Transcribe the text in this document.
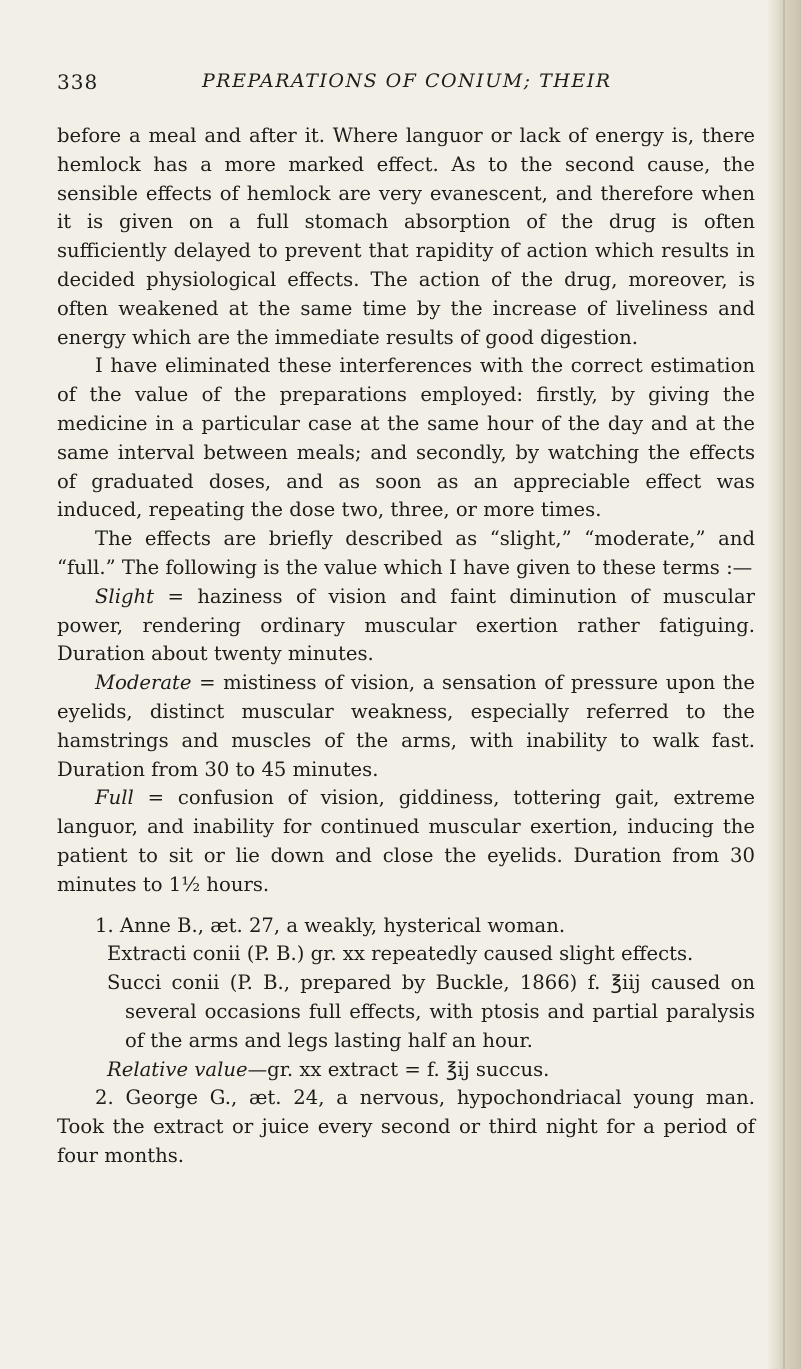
338	PREPARATIONS OF CONIUM; THEIR

before a meal and after it. Where languor or lack of energy is, there hemlock has a more marked effect. As to the second cause, the sensible effects of hemlock are very evanescent, and therefore when it is given on a full stomach absorption of the drug is often sufficiently delayed to prevent that rapidity of action which results in decided physiological effects. The action of the drug, moreover, is often weakened at the same time by the increase of liveliness and energy which are the immediate results of good digestion.

I have eliminated these interferences with the correct estimation of the value of the preparations employed: firstly, by giving the medicine in a particular case at the same hour of the day and at the same interval between meals; and secondly, by watching the effects of graduated doses, and as soon as an appreciable effect was induced, repeating the dose two, three, or more times.

The effects are briefly described as “slight,” “moderate,” and “full.” The following is the value which I have given to these terms :—

Slight = haziness of vision and faint diminution of muscular power, rendering ordinary muscular exertion rather fatiguing. Duration about twenty minutes.

Moderate = mistiness of vision, a sensation of pressure upon the eyelids, distinct muscular weakness, especially referred to the hamstrings and muscles of the arms, with inability to walk fast. Duration from 30 to 45 minutes.

Full = confusion of vision, giddiness, tottering gait, extreme languor, and inability for continued muscular exertion, inducing the patient to sit or lie down and close the eyelids. Duration from 30 minutes to 1½ hours.

1. Anne B., æt. 27, a weakly, hysterical woman.

Extracti conii (P. B.) gr. xx repeatedly caused slight effects.

Succi conii (P. B., prepared by Buckle, 1866) f. ℥iij caused on several occasions full effects, with ptosis and partial paralysis of the arms and legs lasting half an hour.

Relative value—gr. xx extract = f. ℥ij succus.

2. George G., æt. 24, a nervous, hypochondriacal young man. Took the extract or juice every second or third night for a period of four months.
